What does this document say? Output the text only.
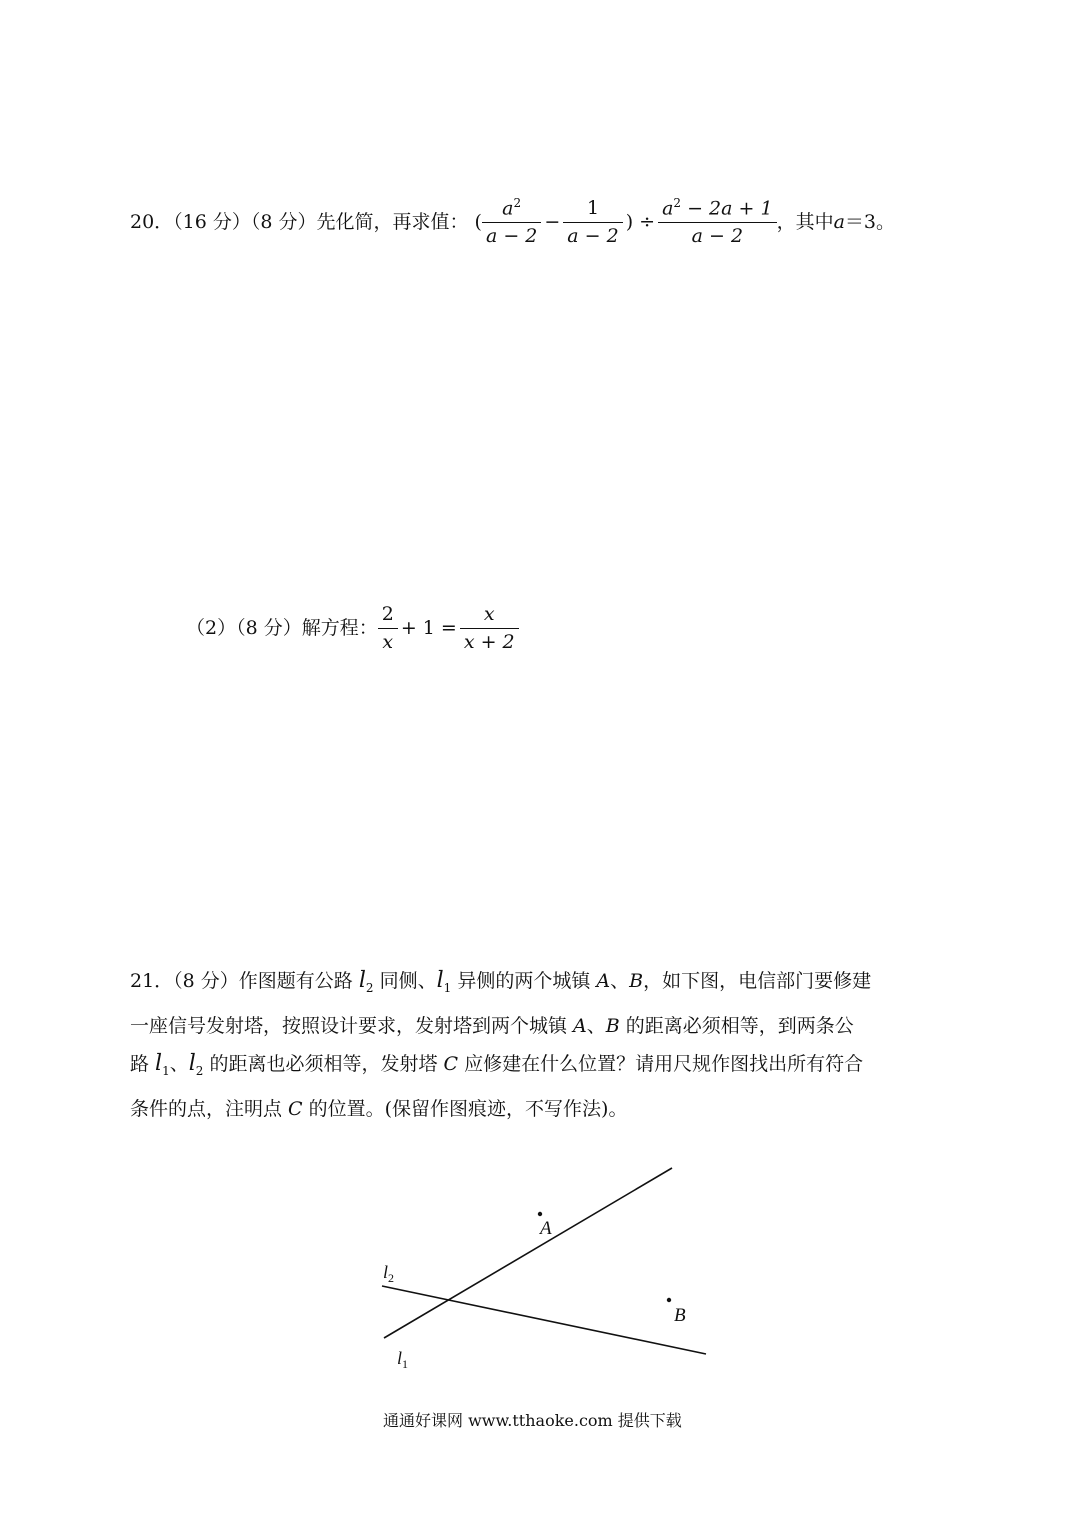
20．（16 分）（8 分）先化简，再求值： ( $\frac{a^2}{a - 2} - \frac{1}{a - 2}$ ) ÷ $\frac{a^2 - 2a + 1}{a - 2}$ ，其中 a ＝3。
（2）（8 分）解方程： $\frac{2}{x} + 1 = \frac{x}{x + 2}$
21．（8 分）作图题有公路 $l_2$ 同侧、$l_1$ 异侧的两个城镇 A、B，如下图，电信部门要修建
一座信号发射塔，按照设计要求，发射塔到两个城镇 A、B 的距离必须相等，到两条公
路 $l_1$、$l_2$ 的距离也必须相等，发射塔 C 应修建在什么位置？请用尺规作图找出所有符合
条件的点，注明点 C 的位置。(保留作图痕迹，不写作法)。
A
B
$l_2$
$l_1$
通通好课网 www.tthaoke.com 提供下载
